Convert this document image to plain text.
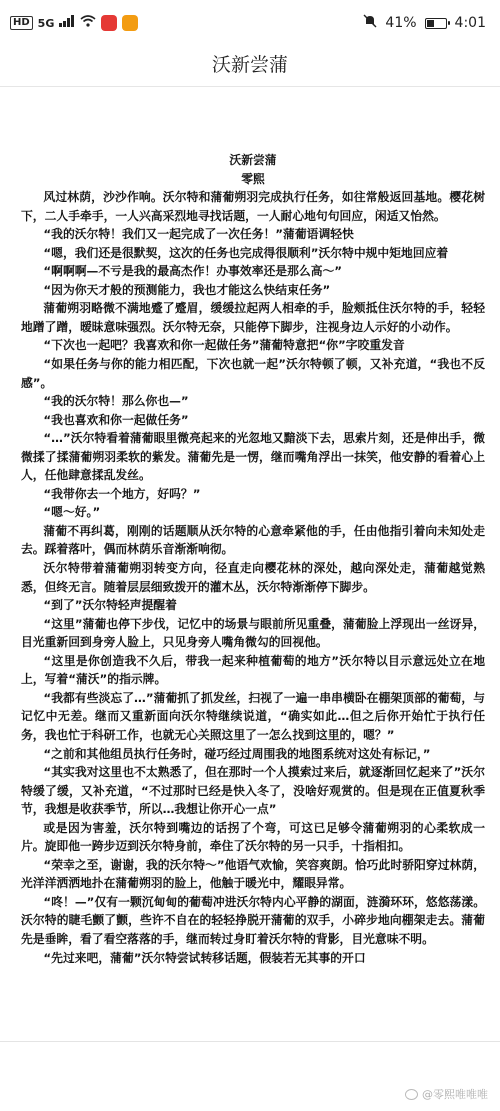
HD 5G	41%	4:01
沃新尝蒲

沃新尝蒲

零熙

风过林荫，沙沙作响。沃尔特和蒲葡朔羽完成执行任务，如往常般返回基地。樱花树下，二人手牵手，一人兴高采烈地寻找话题，一人耐心地句句回应，闲适又怡然。

“我的沃尔特！我们又一起完成了一次任务！”蒲葡语调轻快

“嗯，我们还是很默契，这次的任务也完成得很顺利”沃尔特中规中矩地回应着

“啊啊啊—不亏是我的最高杰作！办事效率还是那么高～”

“因为你天才般的预测能力，我也才能这么快结束任务”

蒲葡朔羽略微不满地蹙了蹙眉，缓缓拉起两人相牵的手，脸颊抵住沃尔特的手，轻轻地蹭了蹭，暧昧意味强烈。沃尔特无奈，只能停下脚步，注视身边人示好的小动作。

“下次也一起吧？我喜欢和你一起做任务”蒲葡特意把“你”字咬重发音

“如果任务与你的能力相匹配，下次也就一起”沃尔特顿了顿，又补充道，“我也不反感”。

“我的沃尔特！那么你也—”

“我也喜欢和你一起做任务”

“…”沃尔特看着蒲葡眼里微亮起来的光忽地又黯淡下去，思索片刻，还是伸出手，微微揉了揉蒲葡朔羽柔软的紫发。蒲葡先是一愣，继而嘴角浮出一抹笑，他安静的看着心上人，任他肆意揉乱发丝。

“我带你去一个地方，好吗？”

“嗯～好。”

蒲葡不再纠葛，刚刚的话题顺从沃尔特的心意牵紧他的手，任由他指引着向未知处走去。踩着落叶，偶而林荫乐音渐渐响彻。

沃尔特带着蒲葡朔羽转变方向，径直走向樱花林的深处，越向深处走，蒲葡越觉熟悉，但终无言。随着层层细致拨开的灌木丛，沃尔特渐渐停下脚步。

“到了”沃尔特轻声提醒着

“这里”蒲葡也停下步伐，记忆中的场景与眼前所见重叠，蒲葡脸上浮现出一丝讶异，目光重新回到身旁人脸上，只见身旁人嘴角微勾的回视他。

“这里是你创造我不久后，带我一起来种植葡萄的地方”沃尔特以目示意远处立在地上，写着“蒲沃”的指示牌。

“我都有些淡忘了…”蒲葡抓了抓发丝，扫视了一遍一串串横卧在棚架顶部的葡萄，与记忆中无差。继而又重新面向沃尔特继续说道，“确实如此…但之后你开始忙于执行任务，我也忙于科研工作，也就无心关照这里了一怎么找到这里的，嗯？”

“之前和其他组员执行任务时，碰巧经过周围我的地图系统对这处有标记，”

“其实我对这里也不太熟悉了，但在那时一个人摸索过来后，就逐渐回忆起来了”沃尔特缓了缓，又补充道，“不过那时已经是快入冬了，没啥好观赏的。但是现在正值夏秋季节，我想是收获季节，所以…我想让你开心一点”

或是因为害羞，沃尔特到嘴边的话拐了个弯，可这已足够令蒲葡朔羽的心柔软成一片。旋即他一跨步迈到沃尔特身前，牵住了沃尔特的另一只手，十指相扣。

“荣幸之至，谢谢，我的沃尔特～”他语气欢愉，笑容爽朗。恰巧此时骄阳穿过林荫，光洋洋洒洒地扑在蒲葡朔羽的脸上，他触于暖光中，耀眼异常。

“咚！—”仅有一颗沉甸甸的葡萄冲进沃尔特内心平静的湖面，涟漪环环，悠悠荡漾。沃尔特的睫毛颤了颤，些许不自在的轻轻挣脱开蒲葡的双手，小碎步地向棚架走去。蒲葡先是垂眸，看了看空落落的手，继而转过身盯着沃尔特的背影，目光意味不明。

“先过来吧，蒲葡”沃尔特尝试转移话题，假装若无其事的开口

@零熙唯唯唯
